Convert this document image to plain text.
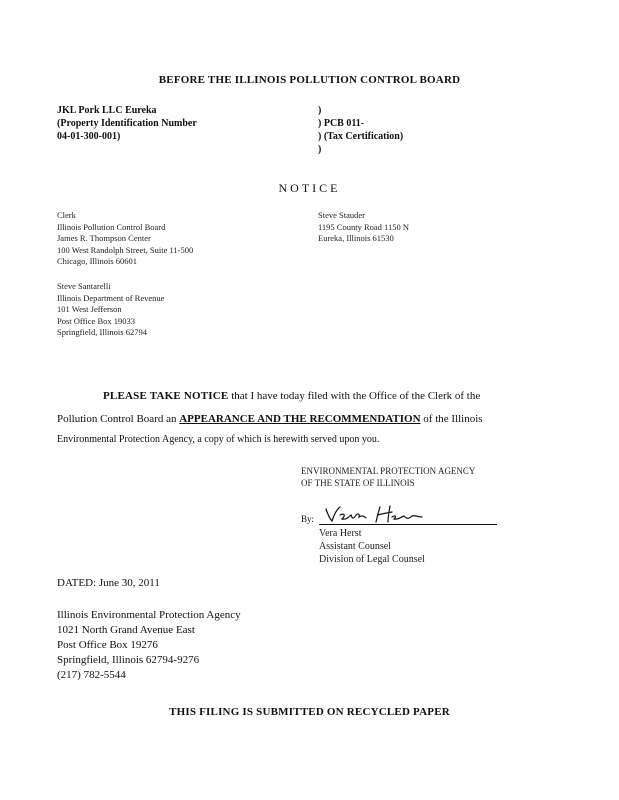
BEFORE THE ILLINOIS POLLUTION CONTROL BOARD
JKL Pork LLC Eureka
(Property Identification Number
04-01-300-001)
)
) PCB 011-
) (Tax Certification)
)
NOTICE
Clerk
Illinois Pollution Control Board
James R. Thompson Center
100 West Randolph Street, Suite 11-500
Chicago, Illinois 60601
Steve Stauder
1195 County Road 1150 N
Eureka, Illinois 61530
Steve Santarelli
Illinois Department of Revenue
101 West Jefferson
Post Office Box 19033
Springfield, Illinois 62794
PLEASE TAKE NOTICE that I have today filed with the Office of the Clerk of the
Pollution Control Board an APPEARANCE AND THE RECOMMENDATION of the Illinois
Environmental Protection Agency, a copy of which is herewith served upon you.
ENVIRONMENTAL PROTECTION AGENCY
OF THE STATE OF ILLINOIS
By:
Vera Herst
Assistant Counsel
Division of Legal Counsel
DATED: June 30, 2011
Illinois Environmental Protection Agency
1021 North Grand Avenue East
Post Office Box 19276
Springfield, Illinois 62794-9276
(217) 782-5544
THIS FILING IS SUBMITTED ON RECYCLED PAPER
